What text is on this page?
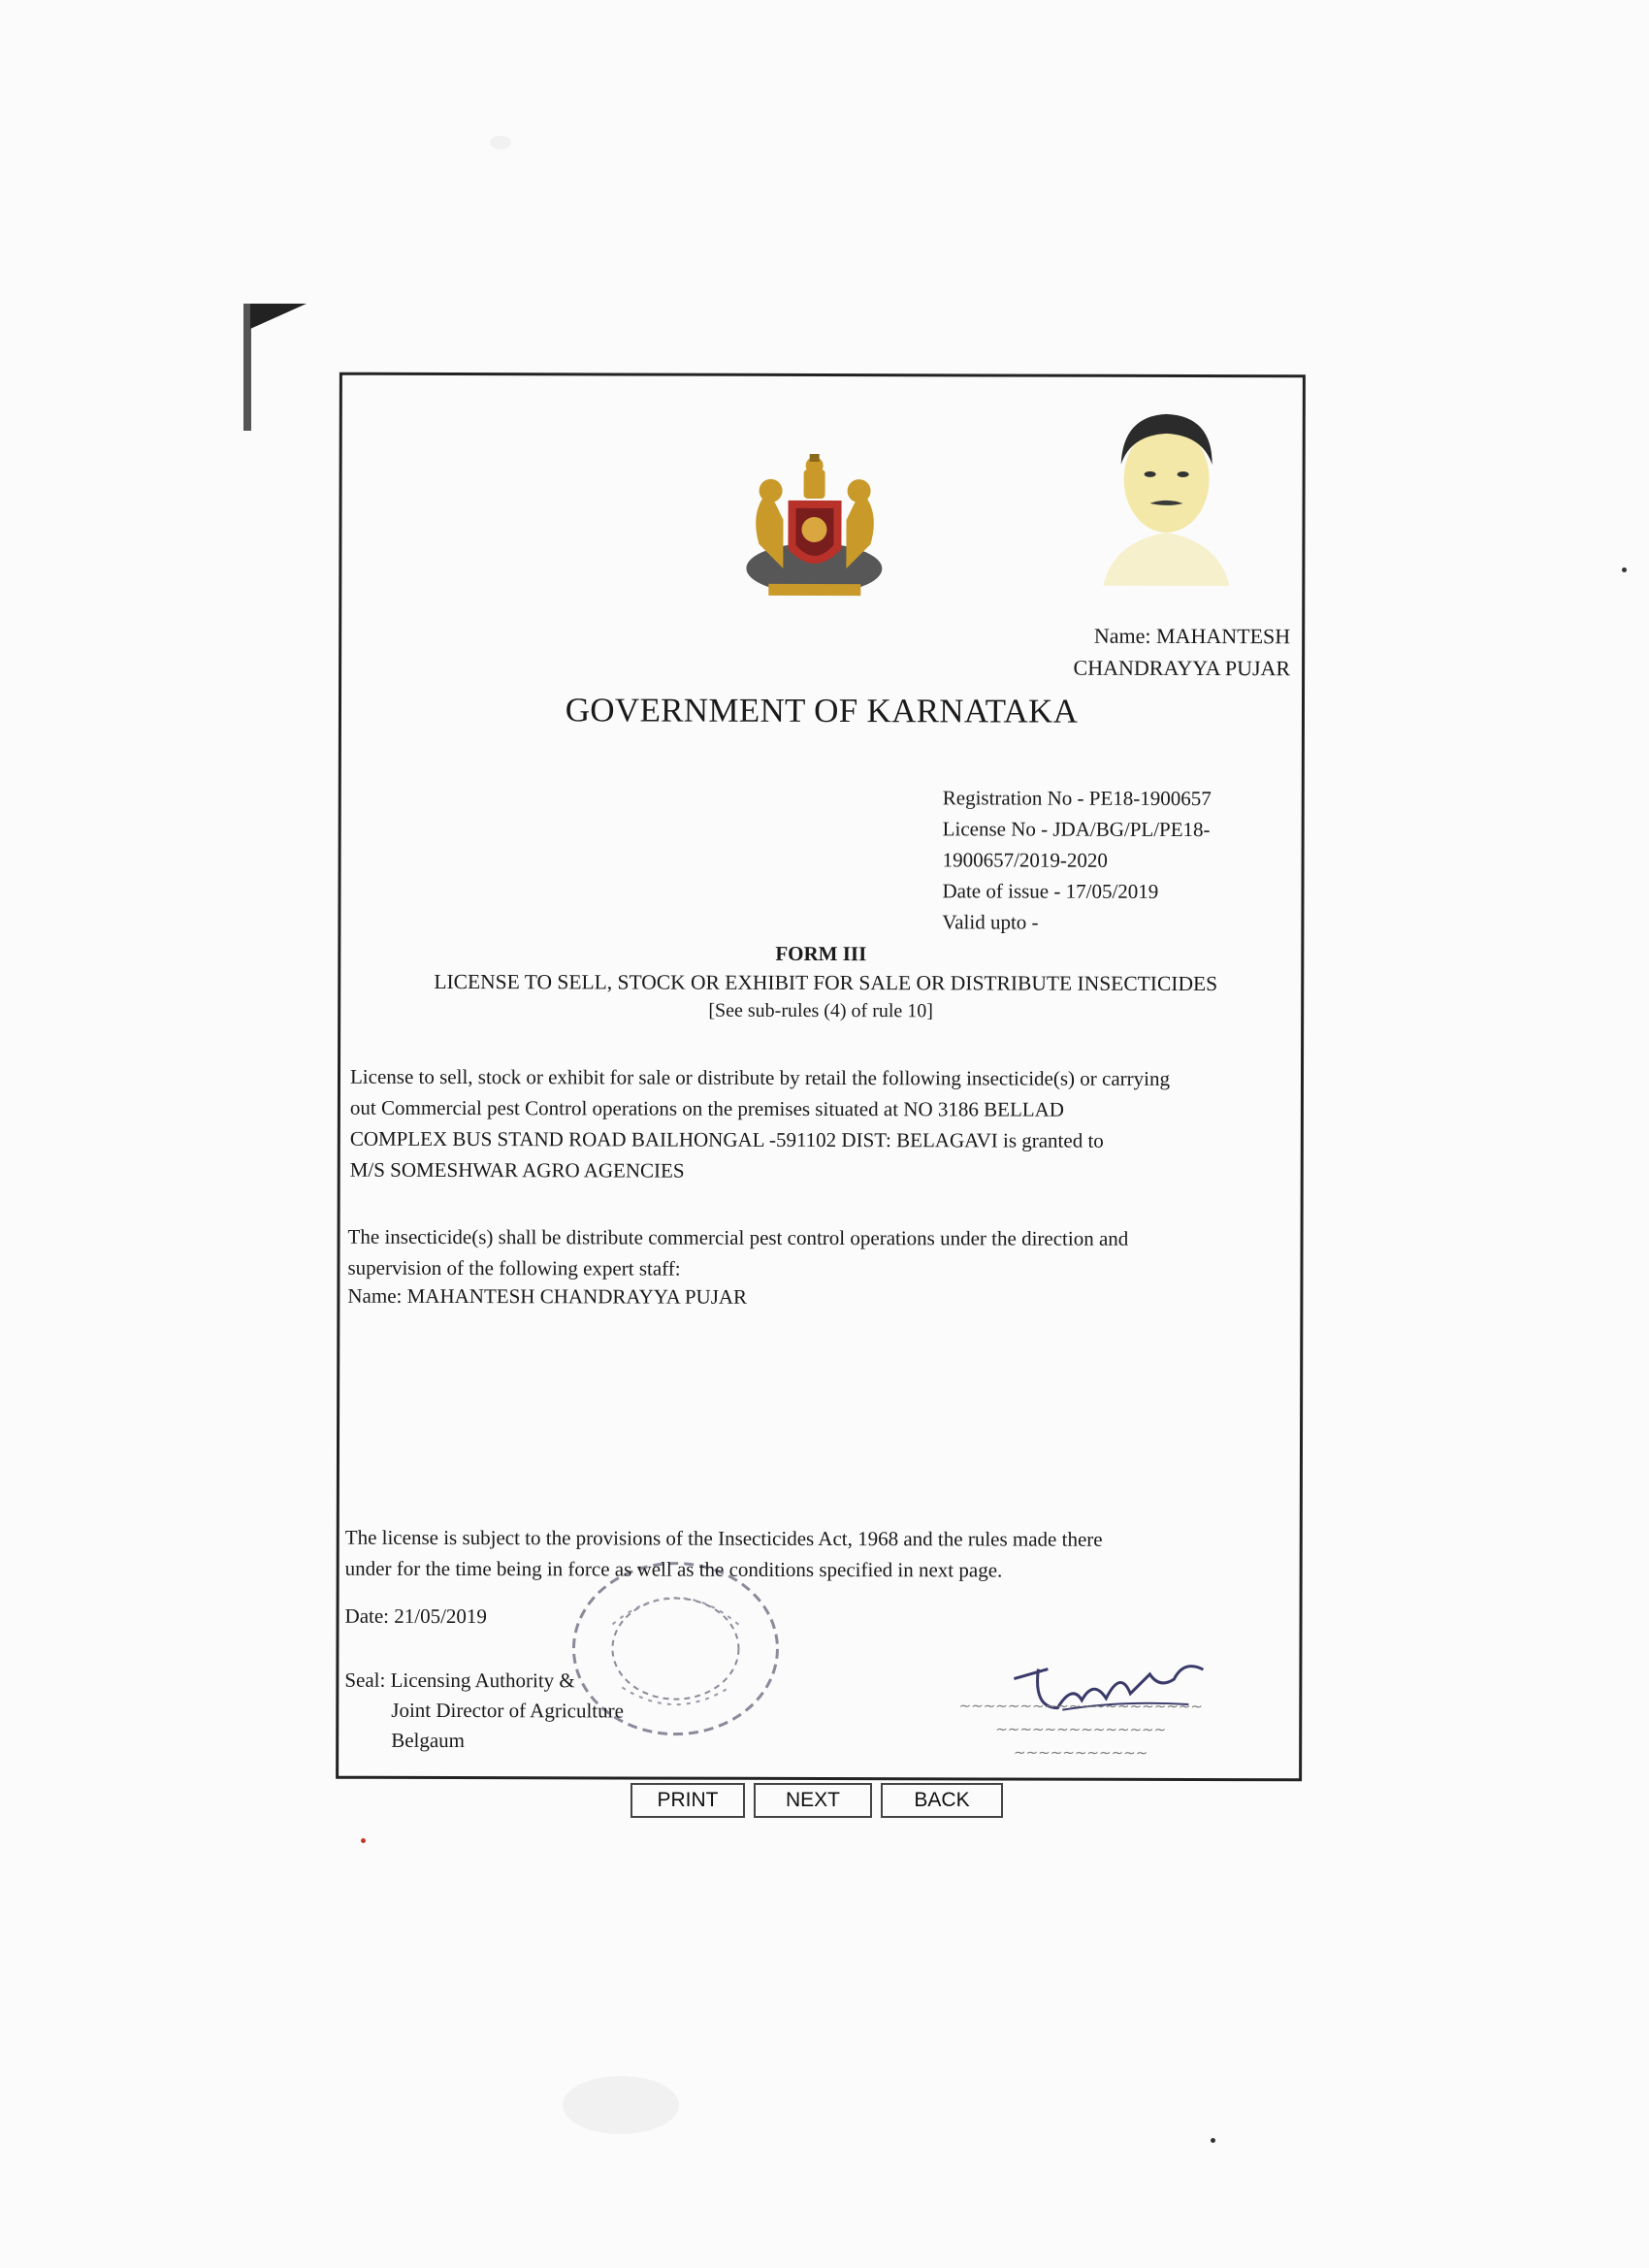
Name: MAHANTESH
CHANDRAYYA PUJAR
GOVERNMENT OF KARNATAKA
Registration No - PE18-1900657
License No - JDA/BG/PL/PE18-
1900657/2019-2020
Date of issue - 17/05/2019
Valid upto -
FORM III
LICENSE TO SELL, STOCK OR EXHIBIT FOR SALE OR DISTRIBUTE INSECTICIDES
[See sub-rules (4) of rule 10]
License to sell, stock or exhibit for sale or distribute by retail the following insecticide(s) or carrying
out Commercial pest Control operations on the premises situated at NO 3186 BELLAD
COMPLEX BUS STAND ROAD BAILHONGAL -591102 DIST: BELAGAVI is granted to
M/S SOMESHWAR AGRO AGENCIES
The insecticide(s) shall be distribute commercial pest control operations under the direction and
supervision of the following expert staff:
Name: MAHANTESH CHANDRAYYA PUJAR
The license is subject to the provisions of the Insecticides Act, 1968 and the rules made there
under for the time being in force as well as the conditions specified in next page.
Date: 21/05/2019
Seal: Licensing Authority &
Joint Director of Agriculture
Belgaum
~~~~~~~~~~~~~~~~~~~~
~~~~~~~~~~~~~~
~~~~~~~~~~~
PRINT	NEXT	BACK
